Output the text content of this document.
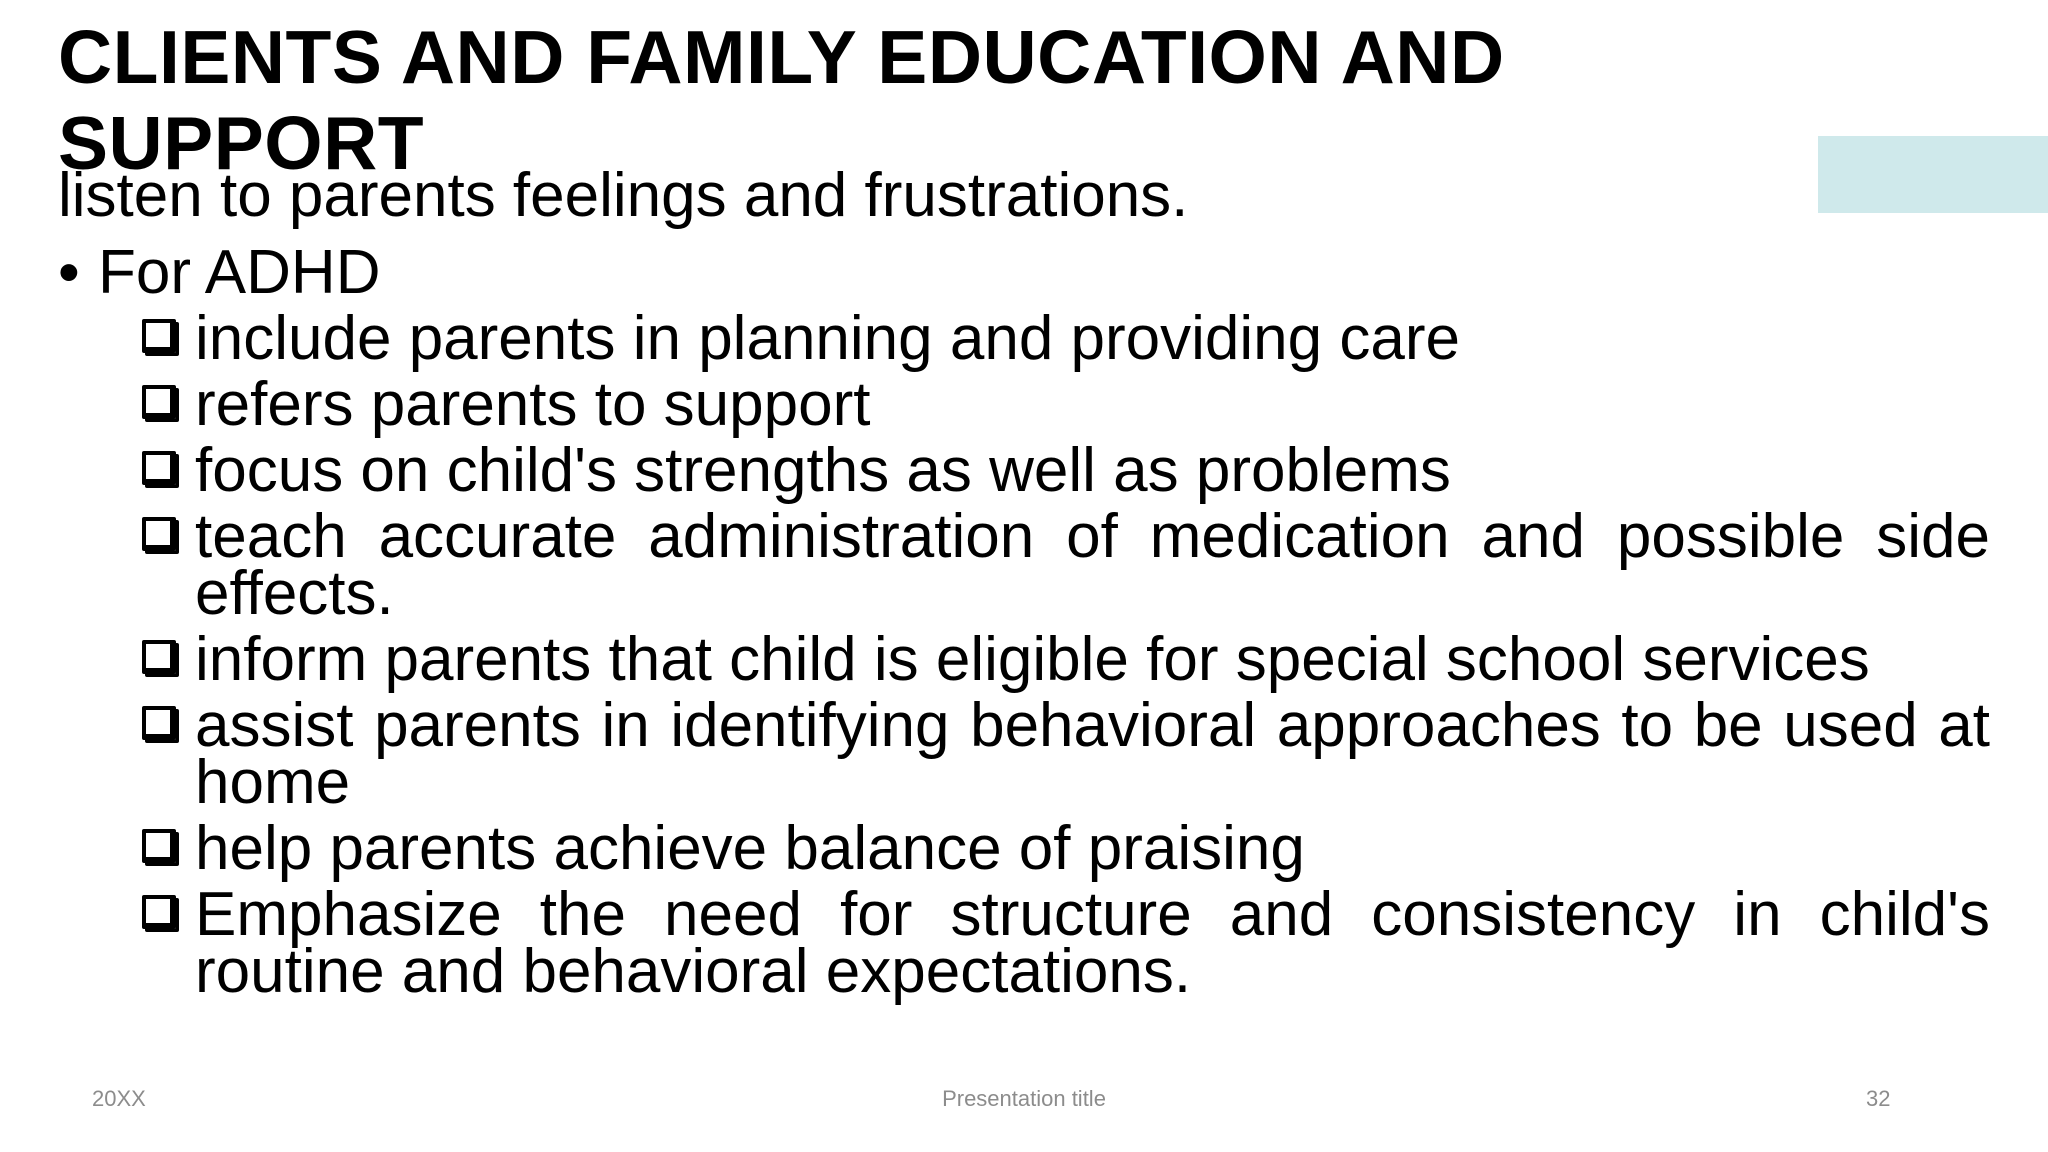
CLIENTS AND FAMILY EDUCATION AND SUPPORT

listen to parents feelings and frustrations.

• For ADHD
include parents in planning and providing care
refers parents to support
focus on child's strengths as well as problems
teach accurate administration of medication and possible side effects.
inform parents that child is eligible for special school services
assist parents in identifying behavioral approaches to be used at home
help parents achieve balance of praising
Emphasize the need for structure and consistency in child's routine and behavioral expectations.
20XX	Presentation title	32
